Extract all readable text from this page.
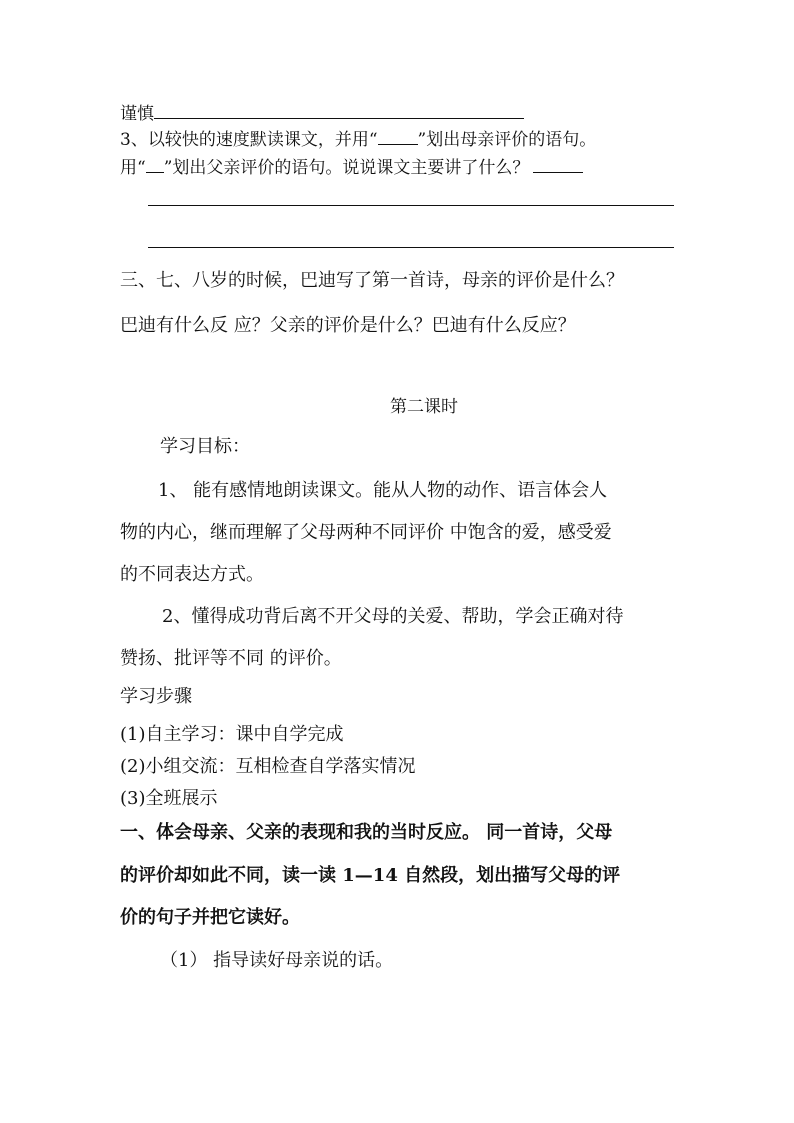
谨慎
3、以较快的速度默读课文，并用“ ”划出母亲评价的语句。
用“ ”划出父亲评价的语句。说说课文主要讲了什么？
三、七、八岁的时候，巴迪写了第一首诗，母亲的评价是什么？
巴迪有什么反 应？父亲的评价是什么？巴迪有什么反应？
第二课时
学习目标：
1、 能有感情地朗读课文。能从人物的动作、语言体会人
物的内心，继而理解了父母两种不同评价 中饱含的爱，感受爱
的不同表达方式。
2、懂得成功背后离不开父母的关爱、帮助，学会正确对待
赞扬、批评等不同 的评价。
学习步骤
(1)自主学习：课中自学完成
(2)小组交流：互相检查自学落实情况
(3)全班展示
一、体会母亲、父亲的表现和我的当时反应。 同一首诗，父母
的评价却如此不同，读一读 1—14 自然段，划出描写父母的评
价的句子并把它读好。
（1） 指导读好母亲说的话。
